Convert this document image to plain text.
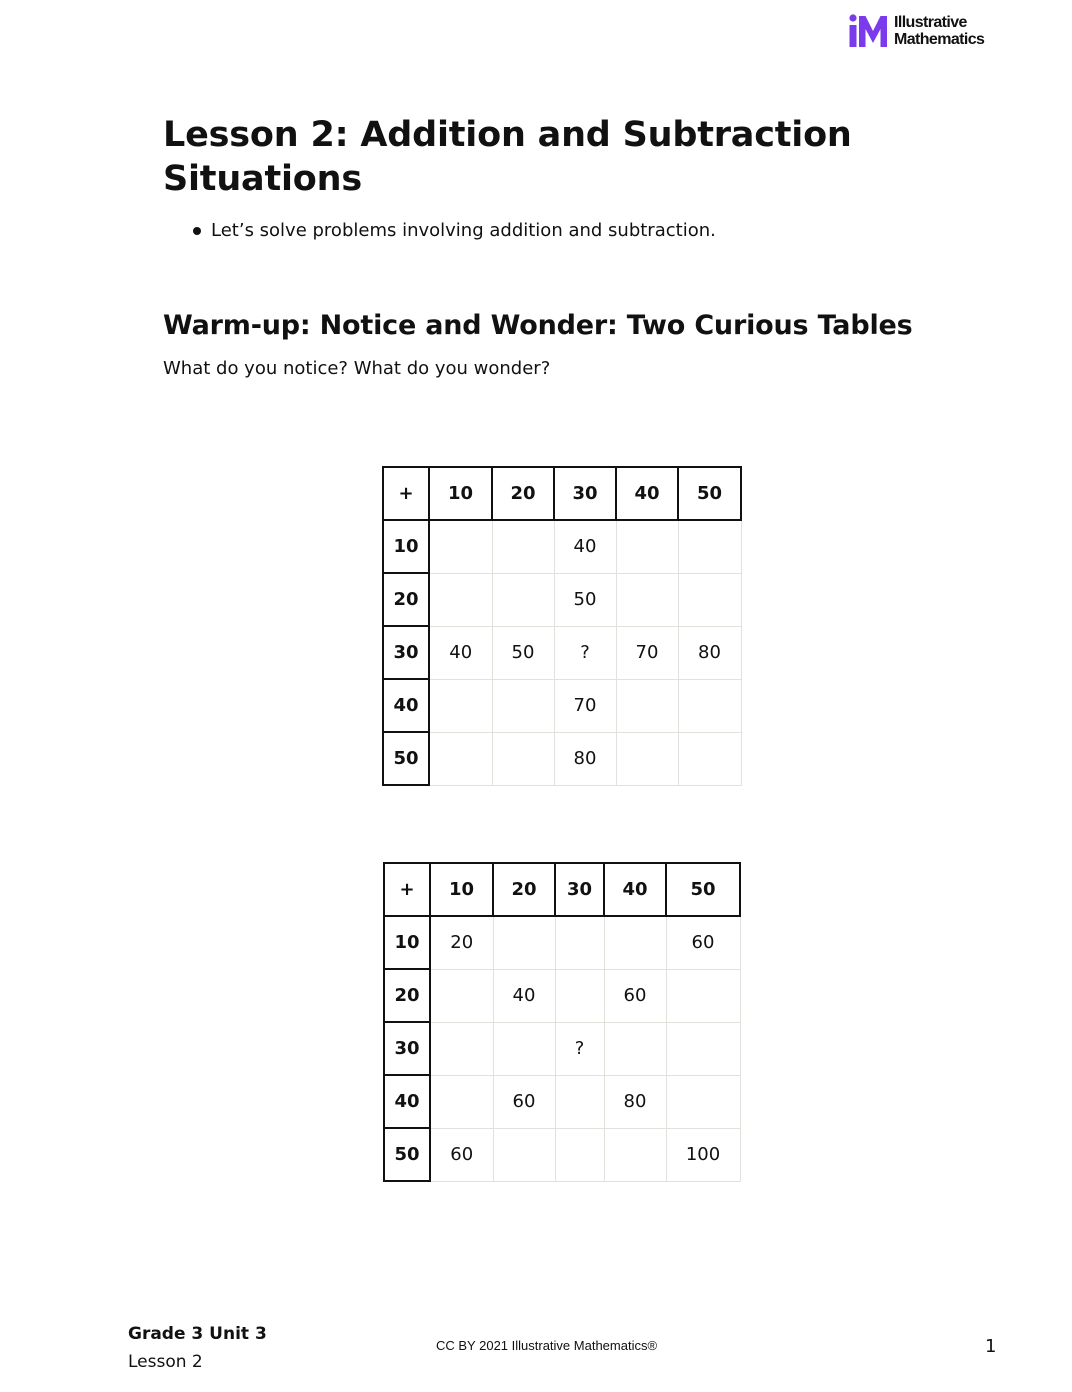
Illustrative
Mathematics
Lesson 2: Addition and Subtraction Situations
Let’s solve problems involving addition and subtraction.
Warm-up: Notice and Wonder: Two Curious Tables

What do you notice? What do you wonder?

+	10	20	30	40	50
10			40		
20			50		
30	40	50	?	70	80
40			70		
50			80		
+	10	20	30	40	50
10	20				60
20		40		60	
30			?		
40		60		80	
50	60				100
Grade 3 Unit 3
Lesson 2
CC BY 2021 Illustrative Mathematics®	1
